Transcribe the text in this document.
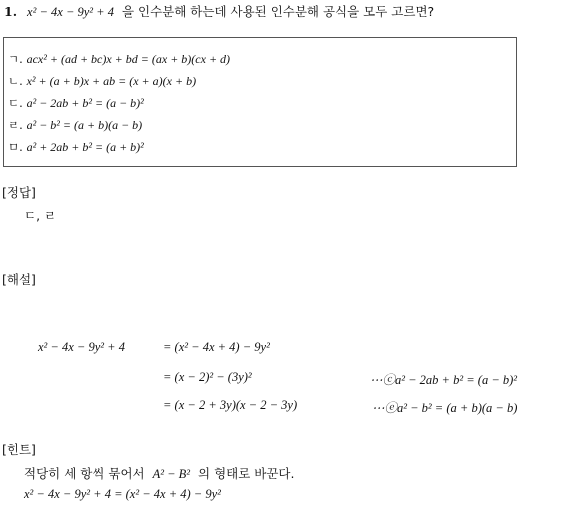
1. x² − 4x − 9y² + 4 을 인수분해 하는데 사용된 인수분해 공식을 모두 고르면?
ㄱ. acx² + (ad + bc)x + bd = (ax + b)(cx + d)
ㄴ. x² + (a + b)x + ab = (x + a)(x + b)
ㄷ. a² − 2ab + b² = (a − b)²
ㄹ. a² − b² = (a + b)(a − b)
ㅁ. a² + 2ab + b² = (a + b)²
[정답]
ㄷ, ㄹ
[해설]
x² − 4x − 9y² + 4	= (x² − 4x + 4) − 9y²
= (x − 2)² − (3y)²	⋯ⓒa² − 2ab + b² = (a − b)²
= (x − 2 + 3y)(x − 2 − 3y)	⋯ⓔa² − b² = (a + b)(a − b)
[힌트]
적당히 세 항씩 묶어서 A² − B² 의 형태로 바꾼다.
x² − 4x − 9y² + 4 = (x² − 4x + 4) − 9y²
